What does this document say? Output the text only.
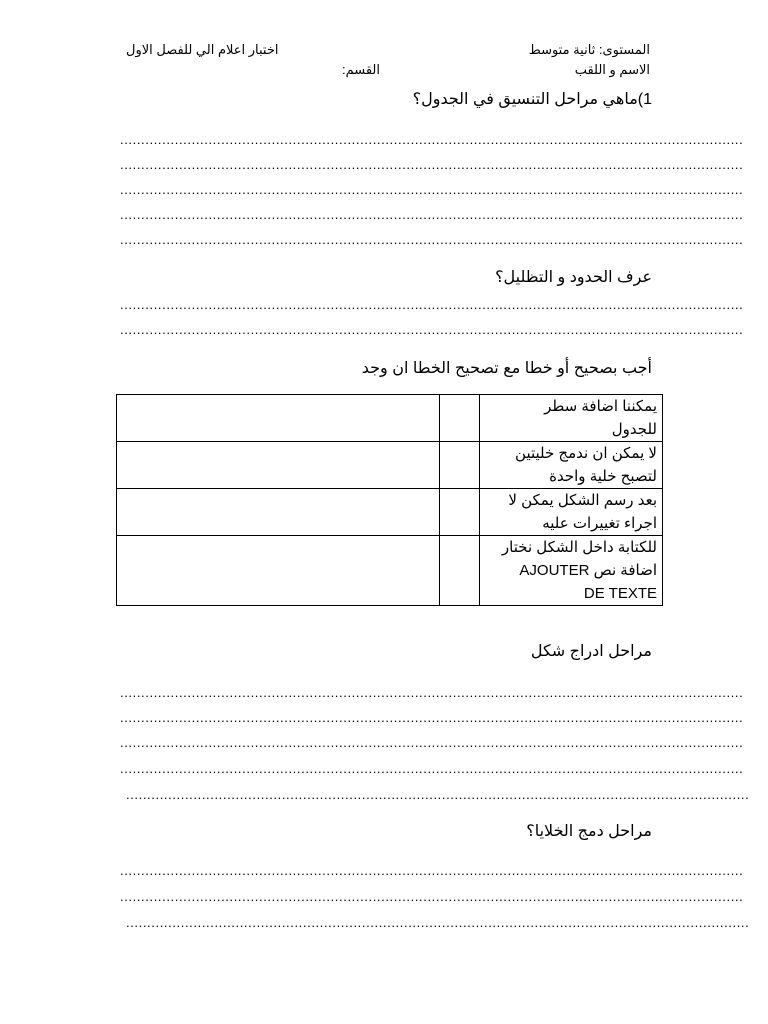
المستوى: ثانية متوسط
اختبار اعلام الي للفصل الاول
الاسم و اللقب
القسم:
1)ماهي مراحل التنسيق في الجدول؟
....................................................................................................................................................
....................................................................................................................................................
....................................................................................................................................................
....................................................................................................................................................
....................................................................................................................................................
عرف الحدود و التظليل؟
....................................................................................................................................................
....................................................................................................................................................
أجب بصحيح أو خطا مع تصحيح الخطا ان وجد

		يمكننا اضافة سطر
للجدول

		لا يمكن ان ندمج خليتين
لتصبح خلية واحدة

		بعد رسم الشكل يمكن لا
اجراء تغييرات عليه

		للكتابة داخل الشكل نختار
اضافة نص AJOUTER
DE TEXTE
مراحل ادراج شكل
....................................................................................................................................................
....................................................................................................................................................
....................................................................................................................................................
....................................................................................................................................................
....................................................................................................................................................
مراحل دمج الخلايا؟
....................................................................................................................................................
....................................................................................................................................................
....................................................................................................................................................
